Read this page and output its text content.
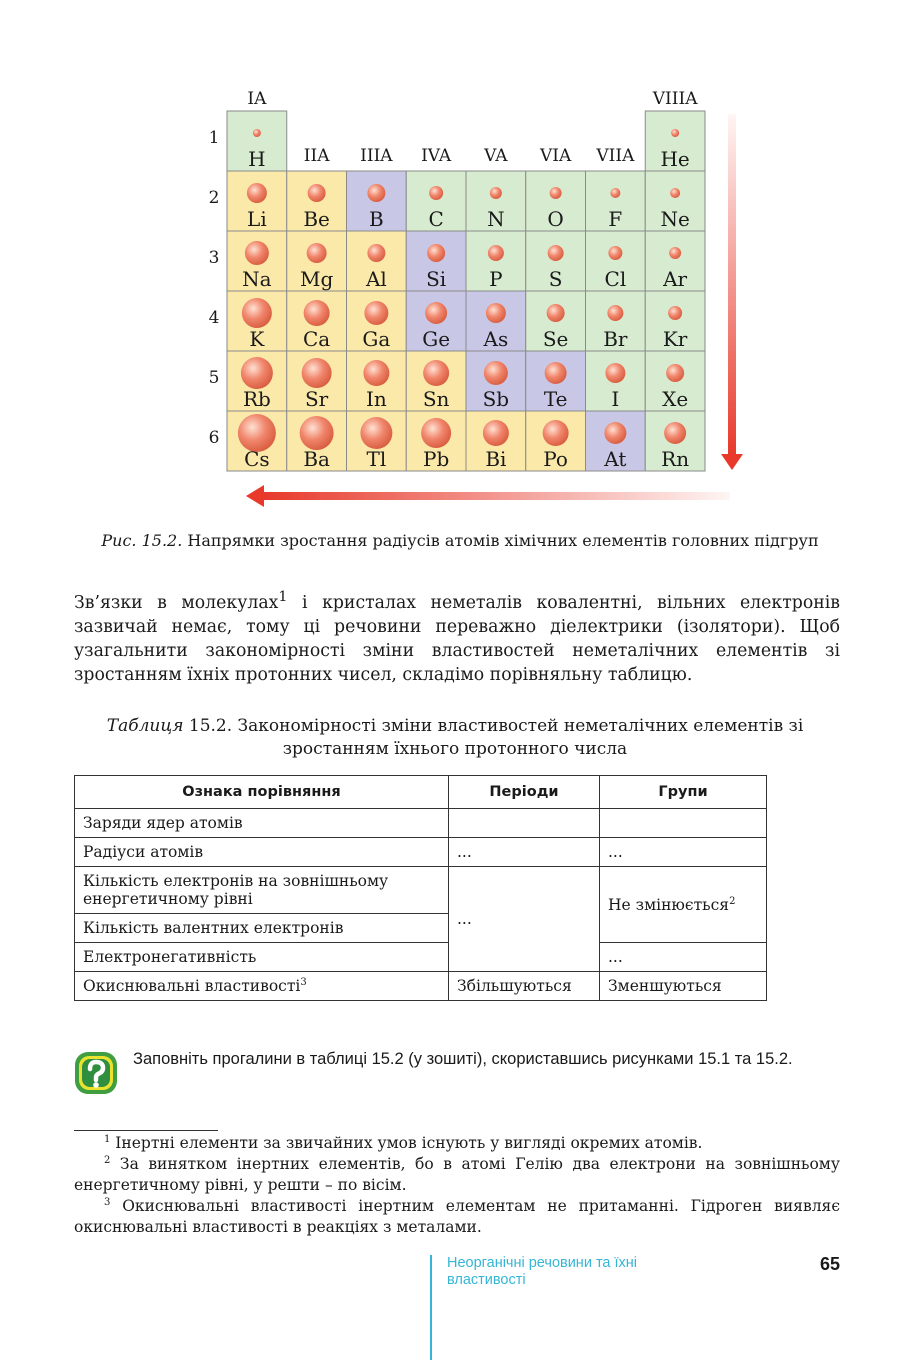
H	He
Li Be B C N O F Ne
Na Mg Al Si P S Cl Ar
K Ca Ga Ge As Se Br Kr
Rb Sr In Sn Sb Te I Xe
Cs Ba Tl Pb Bi Po At Rn
IA
IIA IIIA IVA VA VIA VIIA
VIIIA
1
2
3
4
5
6
Рис. 15.2. Напрямки зростання радіусів атомів хімічних елементів головних підгруп
Зв’язки в молекулах$^1$ і кристалах неметалів ковалентні, вільних електронів зазвичай немає, тому ці речовини переважно діелектрики (ізолятори). Щоб узагальнити закономірності зміни властивостей неметалічних елементів зі зростанням їхніх протонних чисел, складімо порівняльну таблицю.
Таблиця 15.2. Закономірності зміни властивостей неметалічних елементів зі зростанням їхнього протонного числа
Ознака порівняння	Періоди	Групи
Заряди ядер атомів		
Радіуси атомів	...	...
Кількість електронів на зовнішньому енергетичному рівні	...	Не змінюється$^2$
Кількість валентних електронів		
Електронегативність		...
Окиснювальні властивості$^3$	Збільшуються	Зменшуються
Заповніть прогалини в таблиці 15.2 (у зошиті), скориставшись рисунками 15.1 та 15.2.

$^1$ Інертні елементи за звичайних умов існують у вигляді окремих атомів.

$^2$ За винятком інертних елементів, бо в атомі Гелію два електрони на зовнішньому енергетичному рівні, у решти – по вісім.

$^3$ Окиснювальні властивості інертним елементам не притаманні. Гідроген виявляє окиснювальні властивості в реакціях з металами.

Неорганічні речовини та їхні властивості
65
